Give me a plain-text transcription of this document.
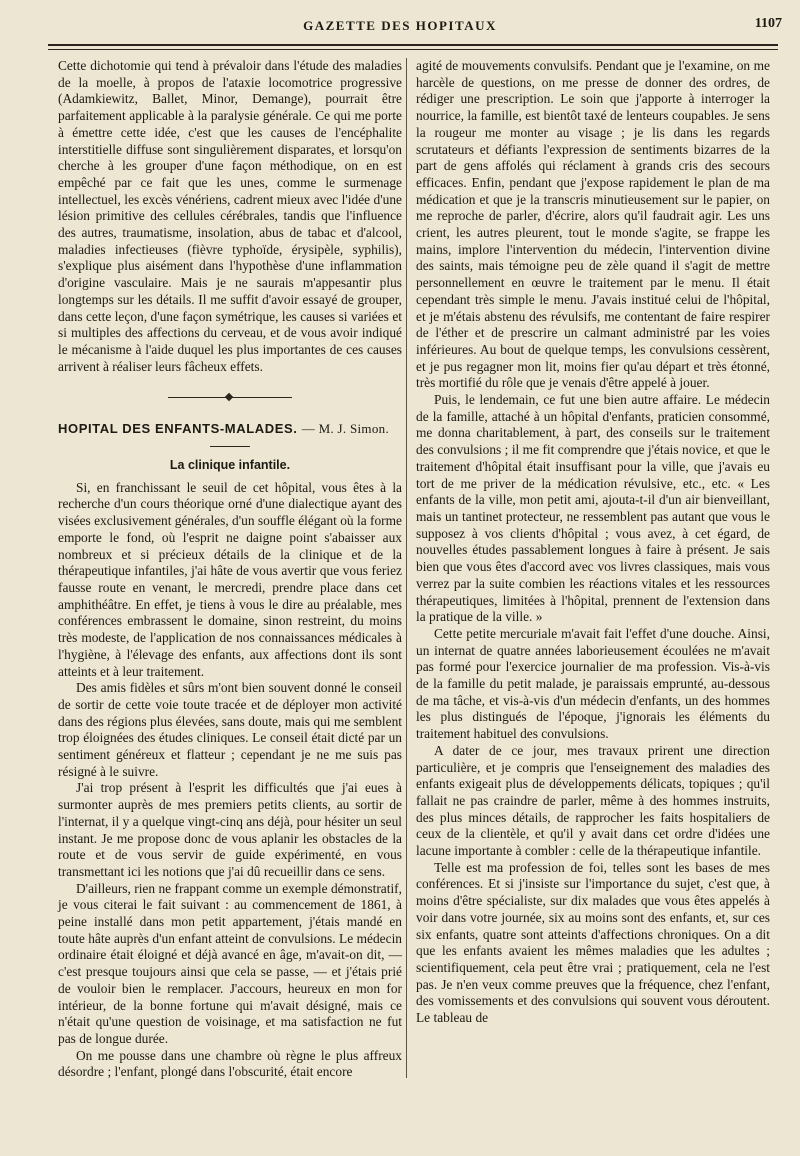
GAZETTE DES HOPITAUX	1107

Cette dichotomie qui tend à prévaloir dans l'étude des maladies de la moelle, à propos de l'ataxie locomotrice progressive (Adamkiewitz, Ballet, Minor, Demange), pourrait être parfaitement applicable à la paralysie générale. Ce qui me porte à émettre cette idée, c'est que les causes de l'encéphalite interstitielle diffuse sont singulièrement disparates, et lorsqu'on cherche à les grouper d'une façon méthodique, on en est empêché par ce fait que les unes, comme le surmenage intellectuel, les excès vénériens, cadrent mieux avec l'idée d'une lésion primitive des cellules cérébrales, tandis que l'influence des autres, traumatisme, insolation, abus de tabac et d'alcool, maladies infectieuses (fièvre typhoïde, érysipèle, syphilis), s'explique plus aisément dans l'hypothèse d'une inflammation d'origine vasculaire. Mais je ne saurais m'appesantir plus longtemps sur les détails. Il me suffit d'avoir essayé de grouper, dans cette leçon, d'une façon symétrique, les causes si variées et si multiples des affections du cerveau, et de vous avoir indiqué le mécanisme à l'aide duquel les plus importantes de ces causes arrivent à réaliser leurs fâcheux effets.

HOPITAL DES ENFANTS-MALADES. — M. J. Simon.
La clinique infantile.

Si, en franchissant le seuil de cet hôpital, vous êtes à la recherche d'un cours théorique orné d'une dialectique ayant des visées exclusivement générales, d'un souffle élégant où la forme emporte le fond, où l'esprit ne daigne point s'abaisser aux nombreux et si précieux détails de la clinique et de la thérapeutique infantiles, j'ai hâte de vous avertir que vous feriez fausse route en venant, le mercredi, prendre place dans cet amphithéâtre. En effet, je tiens à vous le dire au préalable, mes conférences embrassent le domaine, sinon restreint, du moins très modeste, de l'application de nos connaissances médicales à l'hygiène, à l'élevage des enfants, aux affections dont ils sont atteints et à leur traitement.

Des amis fidèles et sûrs m'ont bien souvent donné le conseil de sortir de cette voie toute tracée et de déployer mon activité dans des régions plus élevées, sans doute, mais qui me semblent trop éloignées des études cliniques. Le conseil était dicté par un sentiment généreux et flatteur ; cependant je ne me suis pas résigné à le suivre.

J'ai trop présent à l'esprit les difficultés que j'ai eues à surmonter auprès de mes premiers petits clients, au sortir de l'internat, il y a quelque vingt-cinq ans déjà, pour hésiter un seul instant. Je me propose donc de vous aplanir les obstacles de la route et de vous servir de guide expérimenté, en vous transmettant ici les notions que j'ai dû recueillir dans ce sens.

D'ailleurs, rien ne frappant comme un exemple démonstratif, je vous citerai le fait suivant : au commencement de 1861, à peine installé dans mon petit appartement, j'étais mandé en toute hâte auprès d'un enfant atteint de convulsions. Le médecin ordinaire était éloigné et déjà avancé en âge, m'avait-on dit, — c'est presque toujours ainsi que cela se passe, — et j'étais prié de vouloir bien le remplacer. J'accours, heureux en mon for intérieur, de la bonne fortune qui m'avait désigné, mais ce n'était qu'une question de voisinage, et ma satisfaction ne fut pas de longue durée.

On me pousse dans une chambre où règne le plus affreux désordre ; l'enfant, plongé dans l'obscurité, était encore

agité de mouvements convulsifs. Pendant que je l'examine, on me harcèle de questions, on me presse de donner des ordres, de rédiger une prescription. Le soin que j'apporte à interroger la nourrice, la famille, est bientôt taxé de lenteurs coupables. Je sens la rougeur me monter au visage ; je lis dans les regards scrutateurs et défiants l'expression de sentiments bizarres de la part de gens affolés qui réclament à grands cris des secours efficaces. Enfin, pendant que j'expose rapidement le plan de ma médication et que je la transcris minutieusement sur le papier, on me reproche de parler, d'écrire, alors qu'il faudrait agir. Les uns crient, les autres pleurent, tout le monde s'agite, se frappe les mains, implore l'intervention du médecin, l'intervention divine des saints, mais témoigne peu de zèle quand il s'agit de mettre personnellement en œuvre le traitement par le menu. Il était cependant très simple le menu. J'avais institué celui de l'hôpital, et je m'étais abstenu des révulsifs, me contentant de faire respirer de l'éther et de prescrire un calmant administré par les voies inférieures. Au bout de quelque temps, les convulsions cessèrent, et je pus regagner mon lit, moins fier qu'au départ et très étonné, très mortifié du rôle que je venais d'être appelé à jouer.

Puis, le lendemain, ce fut une bien autre affaire. Le médecin de la famille, attaché à un hôpital d'enfants, praticien consommé, me donna charitablement, à part, des conseils sur le traitement des convulsions ; il me fit comprendre que j'étais novice, et que le traitement d'hôpital était insuffisant pour la ville, que j'avais eu tort de me priver de la médication révulsive, etc., etc. « Les enfants de la ville, mon petit ami, ajouta-t-il d'un air bienveillant, mais un tantinet protecteur, ne ressemblent pas autant que vous le supposez à vos clients d'hôpital ; vous avez, à cet égard, de nouvelles études passablement longues à faire à présent. Je sais bien que vous êtes d'accord avec vos livres classiques, mais vous verrez par la suite combien les réactions vitales et les ressources thérapeutiques, limitées à l'hôpital, prennent de l'extension dans la pratique de la ville. »

Cette petite mercuriale m'avait fait l'effet d'une douche. Ainsi, un internat de quatre années laborieusement écoulées ne m'avait pas formé pour l'exercice journalier de ma profession. Vis-à-vis de la famille du petit malade, je paraissais emprunté, au-dessous de ma tâche, et vis-à-vis d'un médecin d'enfants, un des hommes les plus distingués de l'époque, j'ignorais les éléments du traitement habituel des convulsions.

A dater de ce jour, mes travaux prirent une direction particulière, et je compris que l'enseignement des maladies des enfants exigeait plus de développements délicats, topiques ; qu'il fallait ne pas craindre de parler, même à des hommes instruits, des plus minces détails, de rapprocher les faits hospitaliers de ceux de la clientèle, et qu'il y avait dans cet ordre d'idées une lacune importante à combler : celle de la thérapeutique infantile.

Telle est ma profession de foi, telles sont les bases de mes conférences. Et si j'insiste sur l'importance du sujet, c'est que, à moins d'être spécialiste, sur dix malades que vous êtes appelés à voir dans votre journée, six au moins sont des enfants, et, sur ces six enfants, quatre sont atteints d'affections chroniques. On a dit que les enfants avaient les mêmes maladies que les adultes ; scientifiquement, cela peut être vrai ; pratiquement, cela ne l'est pas. Je n'en veux comme preuves que la fréquence, chez l'enfant, des vomissements et des convulsions qui souvent vous déroutent. Le tableau de
